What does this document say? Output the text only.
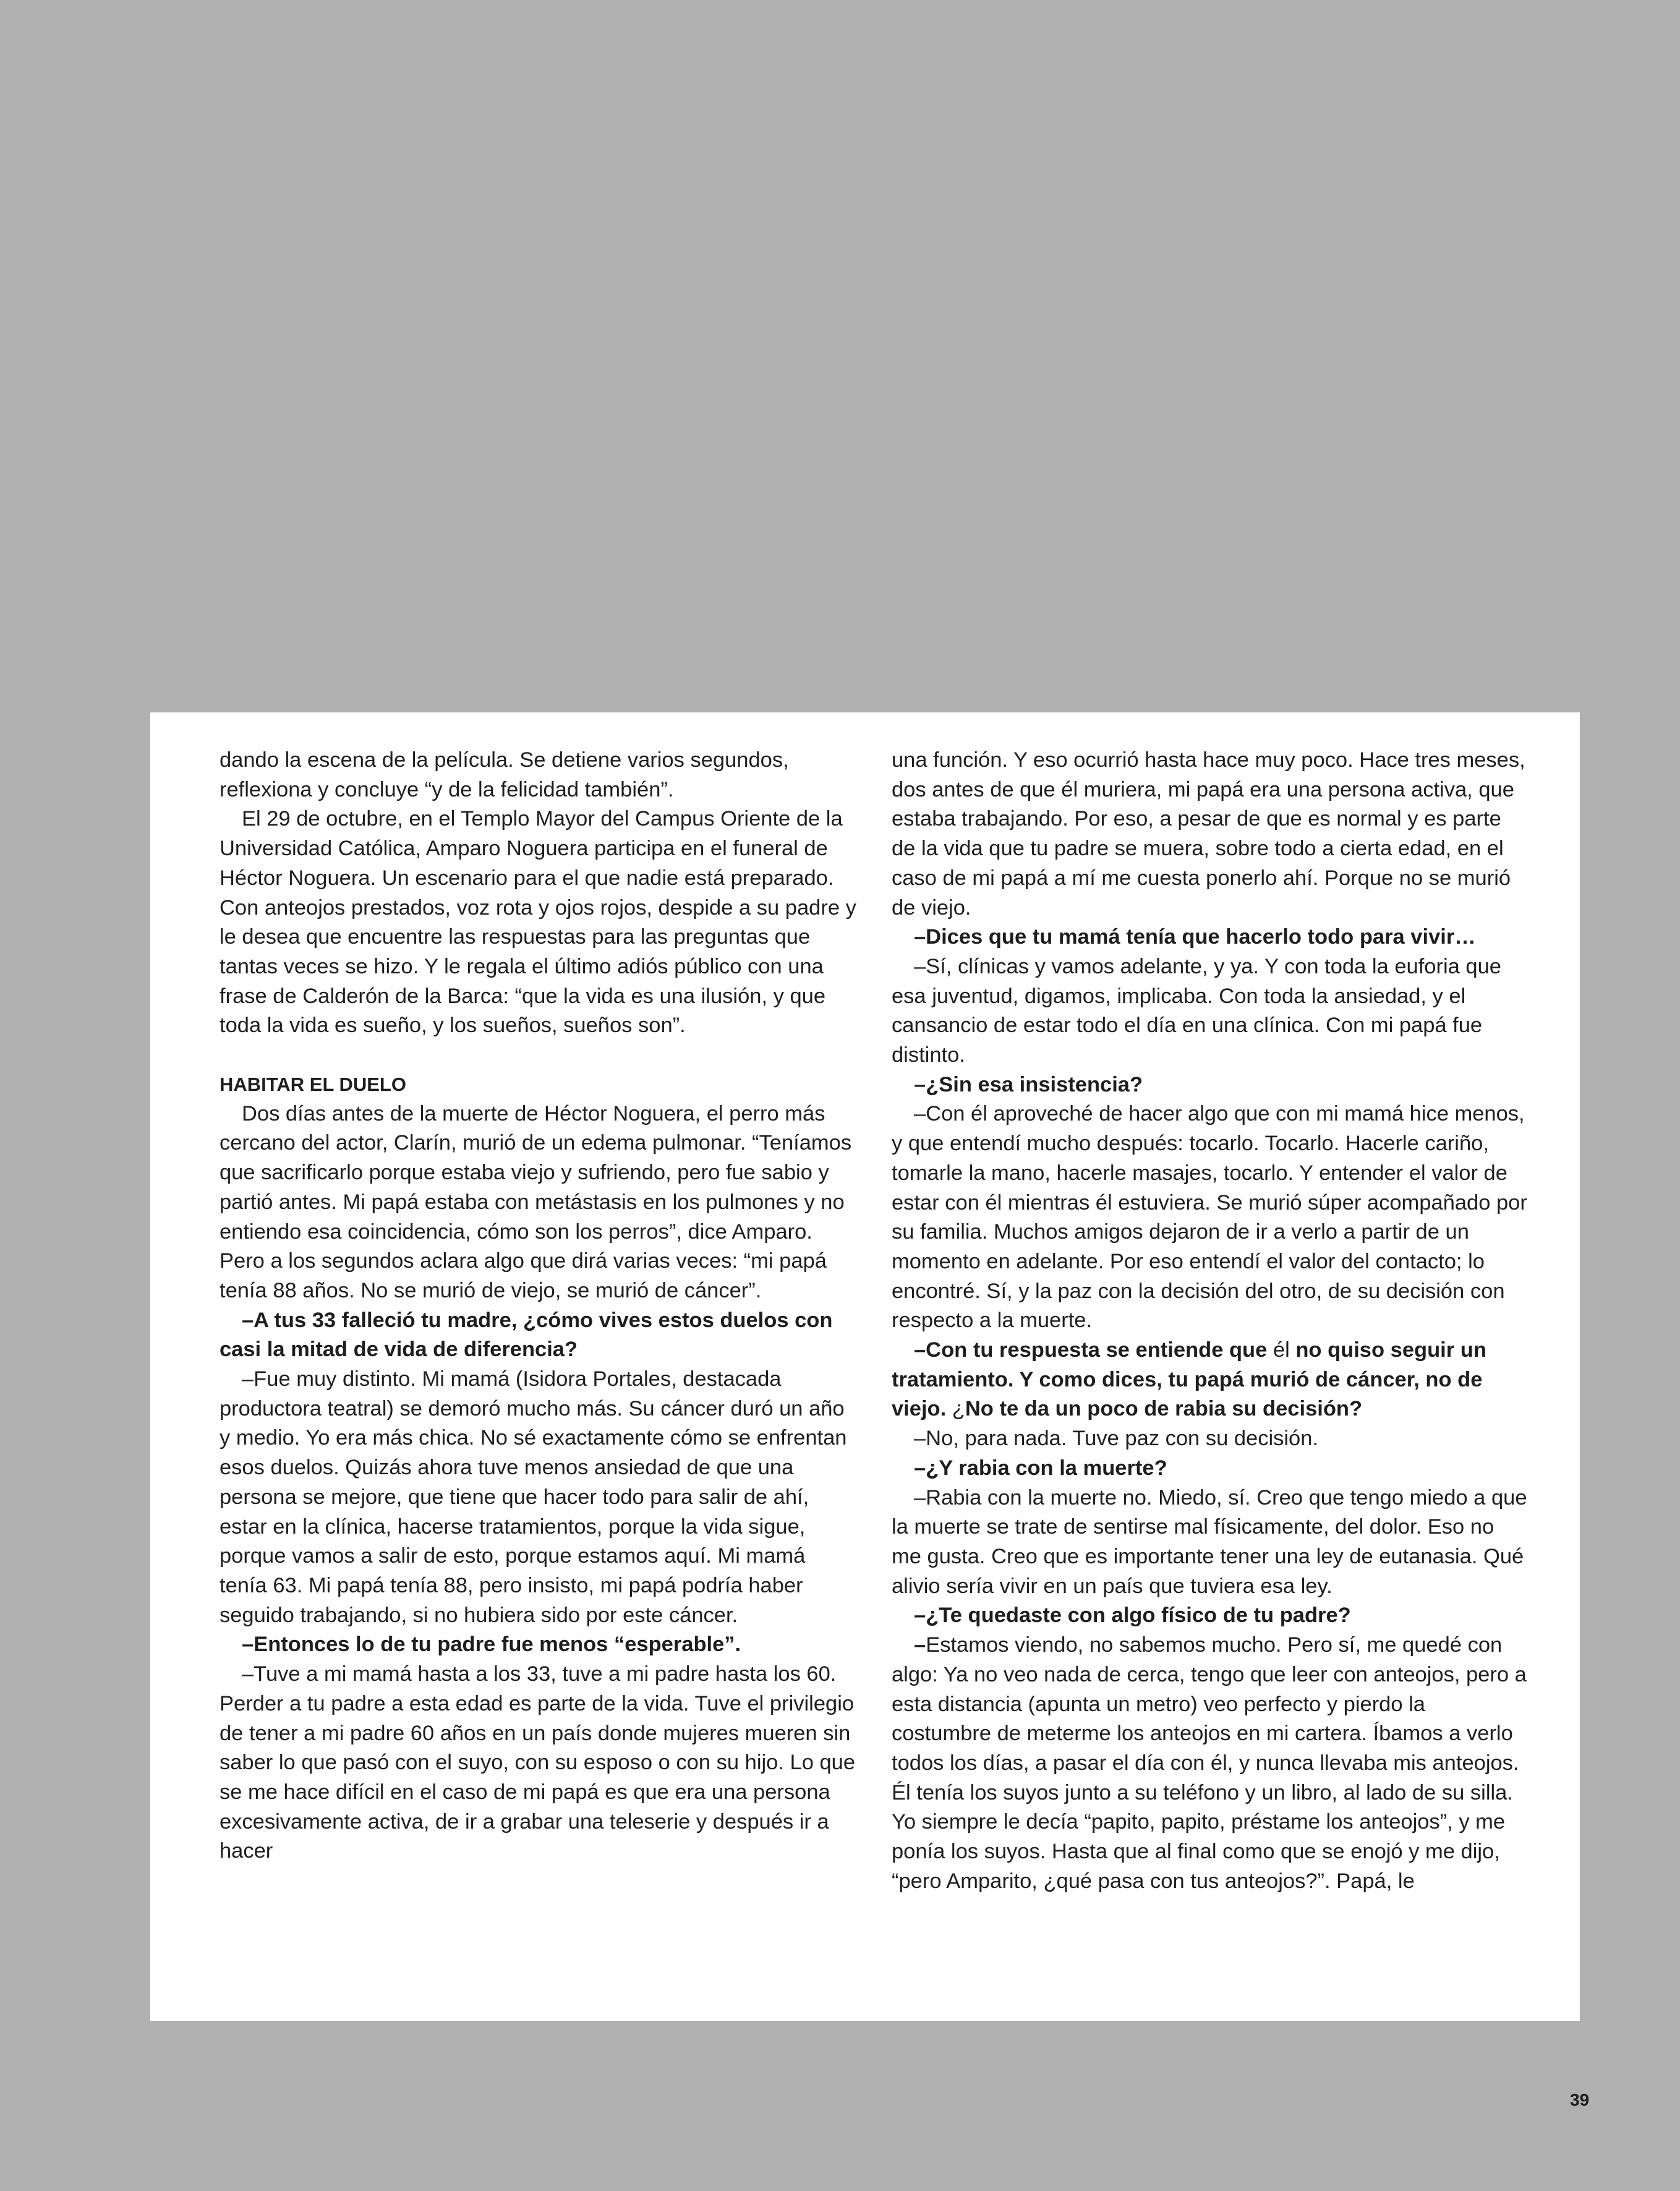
dando la escena de la película. Se detiene varios segundos, reflexiona y concluye “y de la felicidad también”.

El 29 de octubre, en el Templo Mayor del Campus Oriente de la Universidad Católica, Amparo Noguera participa en el funeral de Héctor Noguera. Un escenario para el que nadie está preparado. Con anteojos prestados, voz rota y ojos rojos, despide a su padre y le desea que encuentre las respuestas para las preguntas que tantas veces se hizo. Y le regala el último adiós público con una frase de Calderón de la Barca: “que la vida es una ilusión, y que toda la vida es sueño, y los sueños, sueños son”.

HABITAR EL DUELO

Dos días antes de la muerte de Héctor Noguera, el perro más cercano del actor, Clarín, murió de un edema pulmonar. “Teníamos que sacrificarlo porque estaba viejo y sufriendo, pero fue sabio y partió antes. Mi papá estaba con metástasis en los pulmones y no entiendo esa coincidencia, cómo son los perros”, dice Amparo. Pero a los segundos aclara algo que dirá varias veces: “mi papá tenía 88 años. No se murió de viejo, se murió de cáncer”.

–A tus 33 falleció tu madre, ¿cómo vives estos duelos con casi la mitad de vida de diferencia?

–Fue muy distinto. Mi mamá (Isidora Portales, destacada productora teatral) se demoró mucho más. Su cáncer duró un año y medio. Yo era más chica. No sé exactamente cómo se enfrentan esos duelos. Quizás ahora tuve menos ansiedad de que una persona se mejore, que tiene que hacer todo para salir de ahí, estar en la clínica, hacerse tratamientos, porque la vida sigue, porque vamos a salir de esto, porque estamos aquí. Mi mamá tenía 63. Mi papá tenía 88, pero insisto, mi papá podría haber seguido trabajando, si no hubiera sido por este cáncer.

–Entonces lo de tu padre fue menos “esperable”.

–Tuve a mi mamá hasta a los 33, tuve a mi padre hasta los 60. Perder a tu padre a esta edad es parte de la vida. Tuve el privilegio de tener a mi padre 60 años en un país donde mujeres mueren sin saber lo que pasó con el suyo, con su esposo o con su hijo. Lo que se me hace difícil en el caso de mi papá es que era una persona excesivamente activa, de ir a grabar una teleserie y después ir a hacer

una función. Y eso ocurrió hasta hace muy poco. Hace tres meses, dos antes de que él muriera, mi papá era una persona activa, que estaba trabajando. Por eso, a pesar de que es normal y es parte de la vida que tu padre se muera, sobre todo a cierta edad, en el caso de mi papá a mí me cuesta ponerlo ahí. Porque no se murió de viejo.

–Dices que tu mamá tenía que hacerlo todo para vivir…

–Sí, clínicas y vamos adelante, y ya. Y con toda la euforia que esa juventud, digamos, implicaba. Con toda la ansiedad, y el cansancio de estar todo el día en una clínica. Con mi papá fue distinto.

–¿Sin esa insistencia?

–Con él aproveché de hacer algo que con mi mamá hice menos, y que entendí mucho después: tocarlo. Tocarlo. Hacerle cariño, tomarle la mano, hacerle masajes, tocarlo. Y entender el valor de estar con él mientras él estuviera. Se murió súper acompañado por su familia. Muchos amigos dejaron de ir a verlo a partir de un momento en adelante. Por eso entendí el valor del contacto; lo encontré. Sí, y la paz con la decisión del otro, de su decisión con respecto a la muerte.

–Con tu respuesta se entiende que él no quiso seguir un tratamiento. Y como dices, tu papá murió de cáncer, no de viejo. ¿No te da un poco de rabia su decisión?

–No, para nada. Tuve paz con su decisión.

–¿Y rabia con la muerte?

–Rabia con la muerte no. Miedo, sí. Creo que tengo miedo a que la muerte se trate de sentirse mal físicamente, del dolor. Eso no me gusta. Creo que es importante tener una ley de eutanasia. Qué alivio sería vivir en un país que tuviera esa ley.

–¿Te quedaste con algo físico de tu padre?

–Estamos viendo, no sabemos mucho. Pero sí, me quedé con algo: Ya no veo nada de cerca, tengo que leer con anteojos, pero a esta distancia (apunta un metro) veo perfecto y pierdo la costumbre de meterme los anteojos en mi cartera. Íbamos a verlo todos los días, a pasar el día con él, y nunca llevaba mis anteojos. Él tenía los suyos junto a su teléfono y un libro, al lado de su silla. Yo siempre le decía “papito, papito, préstame los anteojos”, y me ponía los suyos. Hasta que al final como que se enojó y me dijo, “pero Amparito, ¿qué pasa con tus anteojos?”. Papá, le

39
